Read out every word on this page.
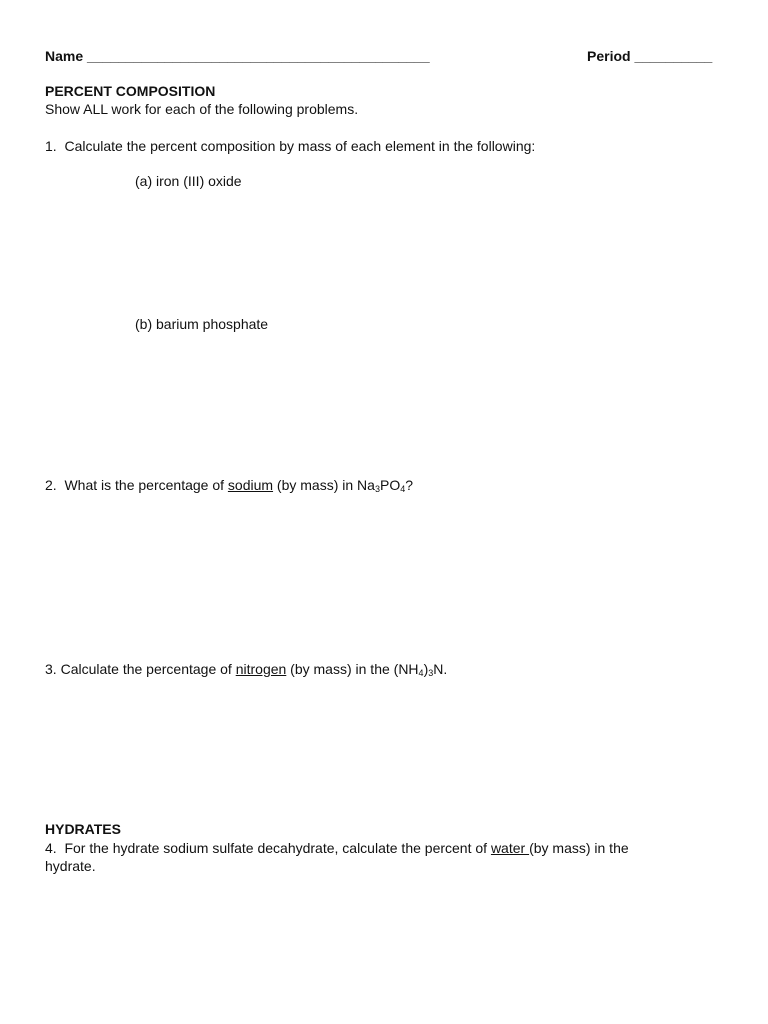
Name ____________________________________________	Period __________
PERCENT COMPOSITION
Show ALL work for each of the following problems.
1. Calculate the percent composition by mass of each element in the following:
(a) iron (III) oxide
(b) barium phosphate
2. What is the percentage of sodium (by mass) in $Na_3PO_4$?
3. Calculate the percentage of nitrogen (by mass) in the $(NH_4)_3N$.
HYDRATES
4. For the hydrate sodium sulfate decahydrate, calculate the percent of water (by mass) in the
hydrate.
